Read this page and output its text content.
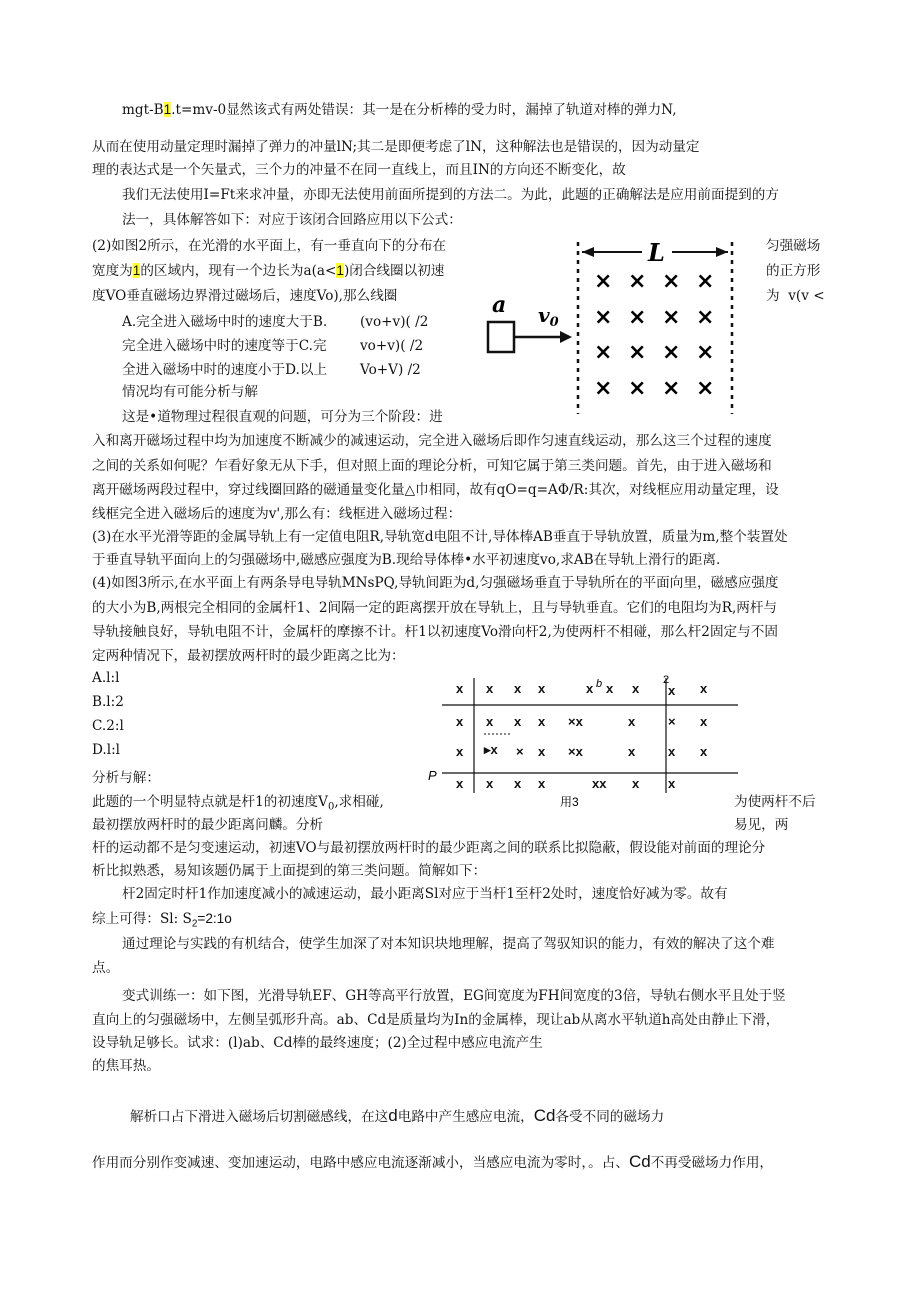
mgt-B1.t=mv-0显然该式有两处错误：其一是在分析棒的受力时，漏掉了轨道对棒的弹力N,
从而在使用动量定理时漏掉了弹力的冲量lN;其二是即便考虑了lN，这种解法也是错误的，因为动量定
理的表达式是一个矢量式，三个力的冲量不在同一直线上，而且IN的方向还不断变化，故
我们无法使用I=Ft来求冲量，亦即无法使用前面所提到的方法二。为此，此题的正确解法是应用前面提到的方
法一，具体解答如下：对应于该闭合回路应用以下公式：
(2)如图2所示，在光滑的水平面上，有一垂直向下的分布在
宽度为1的区域内，现有一个边长为a(a<1)闭合线圈以初速
度VO垂直磁场边界滑过磁场后，速度Vo),那么线圈
A.完全进入磁场中时的速度大于B. (vo+v)( /2
完全进入磁场中时的速度等于C.完 vo+v)( /2
全进入磁场中时的速度小于D.以上 Vo+V) /2
情况均有可能分析与解
这是•道物理过程很直观的问题，可分为三个阶段：进
入和离开磁场过程中均为加速度不断减少的减速运动，完全进入磁场后即作匀速直线运动，那么这三个过程的速度
之间的关系如何呢？乍看好象无从下手，但对照上面的理论分析，可知它属于第三类问题。首先，由于进入磁场和
离开磁场两段过程中，穿过线圈回路的磁通量变化量△巾相同，故有qO=q=AΦ/R:其次，对线框应用动量定理，设
线框完全进入磁场后的速度为v',那么有：线框进入磁场过程：
(3)在水平光滑等距的金属导轨上有一定值电阻R,导轨宽d电阻不计,导体棒AB垂直于导轨放置，质量为m,整个装置处
于垂直导轨平面向上的匀强磁场中,磁感应强度为B.现给导体棒•水平初速度vo,求AB在导轨上滑行的距离.
(4)如图3所示,在水平面上有两条导电导轨MNsPQ,导轨间距为d,匀强磁场垂直于导轨所在的平面向里，磁感应强度
的大小为B,两根完全相同的金属杆1、2间隔一定的距离摆开放在导轨上，且与导轨垂直。它们的电阻均为R,两杆与
导轨接触良好，导轨电阻不计，金属杆的摩擦不计。杆1以初速度Vo滑向杆2,为使两杆不相碰，那么杆2固定与不固
定两种情况下，最初摆放两杆时的最少距离之比为：
A.l:l
B.l:2
C.2:l
D.l:l
分析与解：
此题的一个明显特点就是杆1的初速度$V_0$,求相碰,	为使两杆不后
最初摆放两杆时的最少距离问麟。分析	易见，两
杆的运动都不是匀变速运动，初速VO与最初摆放两杆时的最少距离之间的联系比拟隐蔽，假设能对前面的理论分
析比拟熟悉，易知该题仍属于上面提到的第三类问题。简解如下：
杆2固定时杆1作加速度减小的减速运动，最小距离Sl对应于当杆1至杆2处时，速度恰好减为零。故有
综上可得：Sl: $S_2=2:1o$
通过理论与实践的有机结合，使学生加深了对本知识块地理解，提高了驾驭知识的能力，有效的解决了这个难
点。
变式训练一：如下图，光滑导轨EF、GH等高平行放置，EG间宽度为FH间宽度的3倍，导轨右侧水平且处于竖
直向上的匀强磁场中，左侧呈弧形升高。ab、Cd是质量均为In的金属棒，现让ab从离水平轨道h高处由静止下滑，
设导轨足够长。试求：(l)ab、Cd棒的最终速度；(2)全过程中感应电流产生
的焦耳热。
解析口占下滑进入磁场后切割磁感线，在这d电路中产生感应电流，Cd各受不同的磁场力
作用而分别作变减速、变加速运动，电路中感应电流逐渐减小，当感应电流为零时，。占、Cd不再受磁场力作用，
a $v_0$
L
× × × ×
× × × ×
× × × ×
× × × ×
匀强磁场
的正方形
为  v(v <
2
P
b
x x x x	x x x x x
x x x x ×x	x	× x
x ▸x × x ×x	x	x x
x x x x	xx x x
用3
